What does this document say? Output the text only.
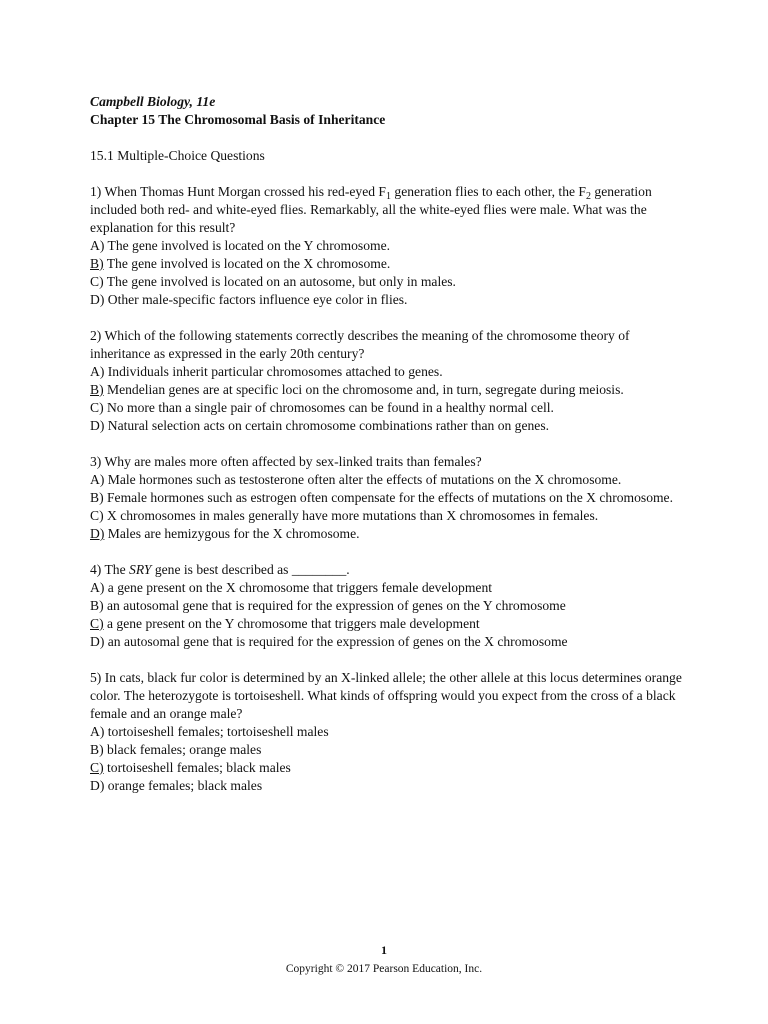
Campbell Biology, 11e
Chapter 15 The Chromosomal Basis of Inheritance
15.1 Multiple-Choice Questions
1) When Thomas Hunt Morgan crossed his red-eyed $F_1$ generation flies to each other, the $F_2$ generation included both red- and white-eyed flies. Remarkably, all the white-eyed flies were male. What was the explanation for this result?
A) The gene involved is located on the Y chromosome.
B) The gene involved is located on the X chromosome.
C) The gene involved is located on an autosome, but only in males.
D) Other male-specific factors influence eye color in flies.
2) Which of the following statements correctly describes the meaning of the chromosome theory of inheritance as expressed in the early 20th century?
A) Individuals inherit particular chromosomes attached to genes.
B) Mendelian genes are at specific loci on the chromosome and, in turn, segregate during meiosis.
C) No more than a single pair of chromosomes can be found in a healthy normal cell.
D) Natural selection acts on certain chromosome combinations rather than on genes.
3) Why are males more often affected by sex-linked traits than females?
A) Male hormones such as testosterone often alter the effects of mutations on the X chromosome.
B) Female hormones such as estrogen often compensate for the effects of mutations on the X chromosome.
C) X chromosomes in males generally have more mutations than X chromosomes in females.
D) Males are hemizygous for the X chromosome.
4) The SRY gene is best described as ________.
A) a gene present on the X chromosome that triggers female development
B) an autosomal gene that is required for the expression of genes on the Y chromosome
C) a gene present on the Y chromosome that triggers male development
D) an autosomal gene that is required for the expression of genes on the X chromosome
5) In cats, black fur color is determined by an X-linked allele; the other allele at this locus determines orange color. The heterozygote is tortoiseshell. What kinds of offspring would you expect from the cross of a black female and an orange male?
A) tortoiseshell females; tortoiseshell males
B) black females; orange males
C) tortoiseshell females; black males
D) orange females; black males
1
Copyright © 2017 Pearson Education, Inc.
